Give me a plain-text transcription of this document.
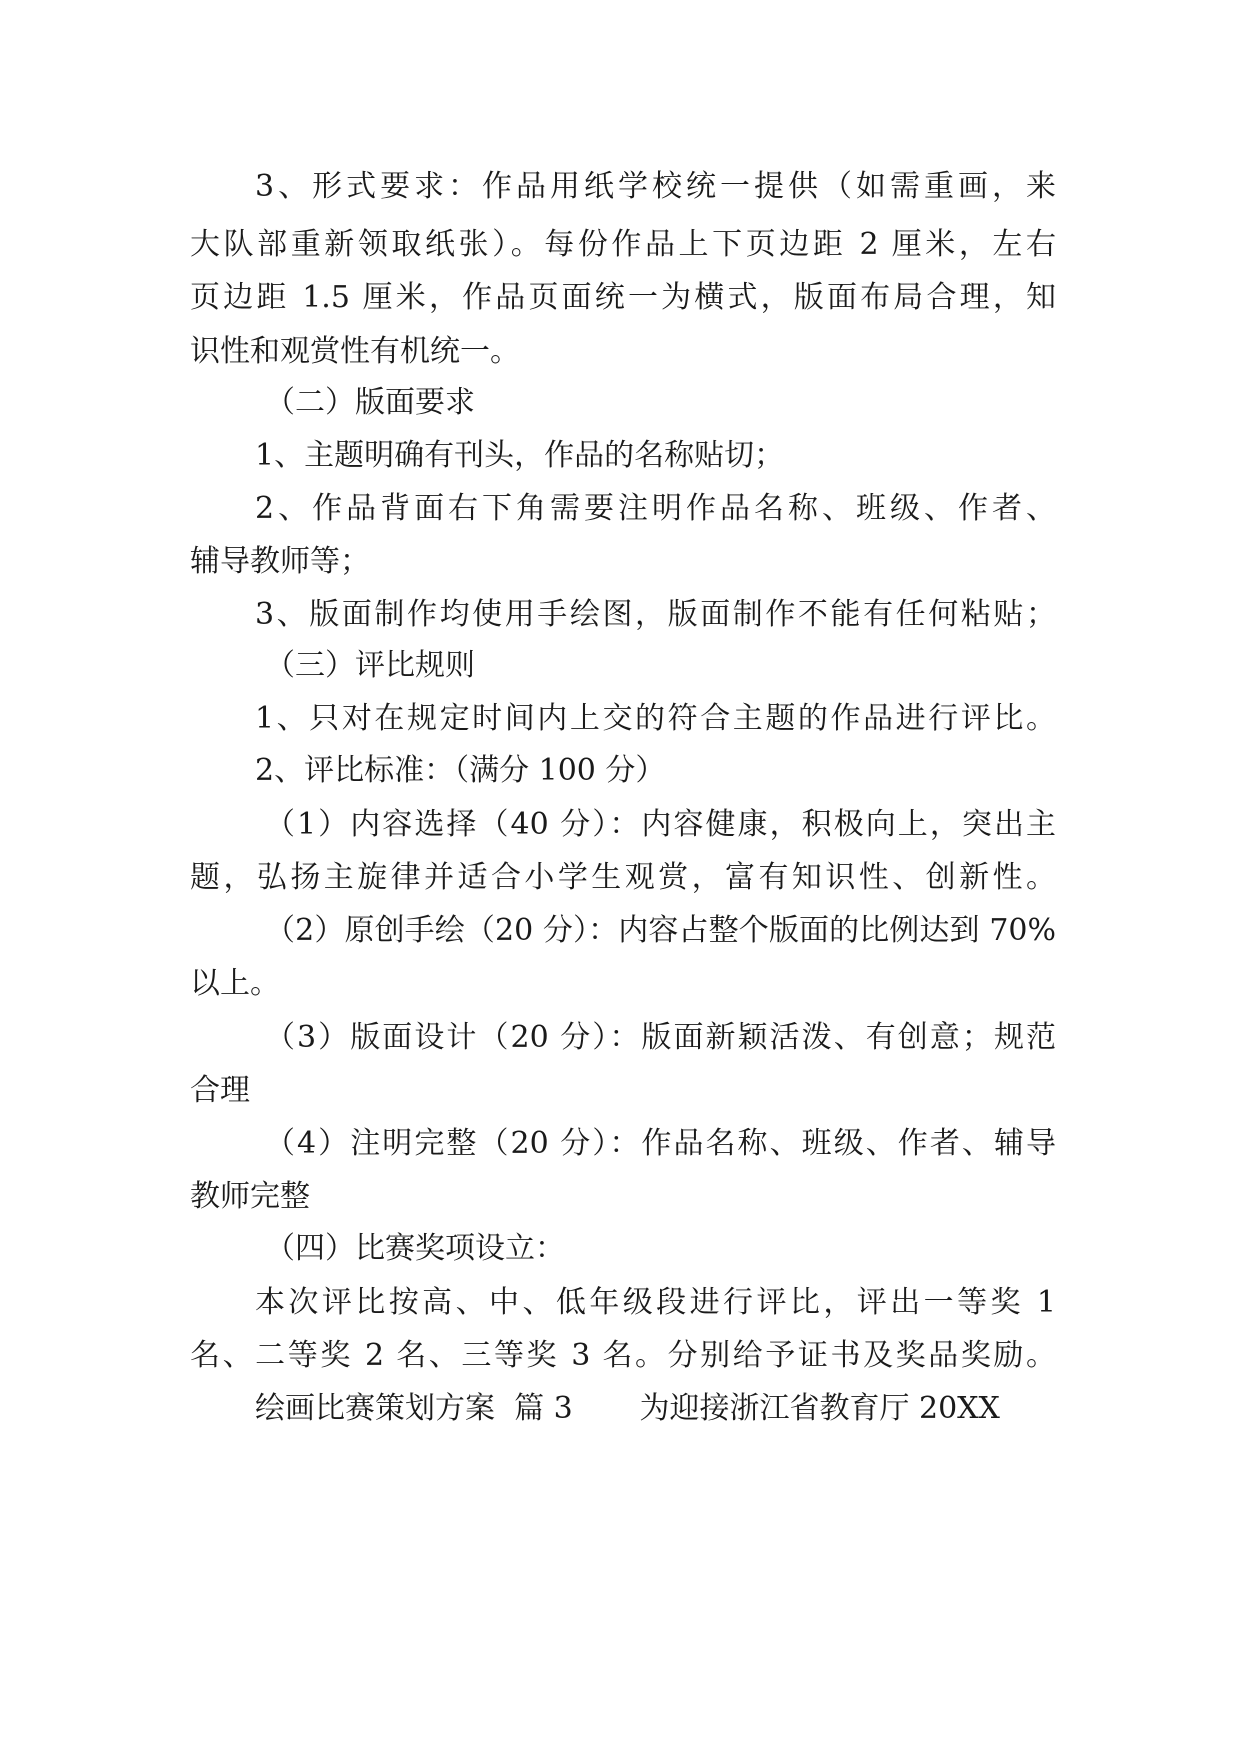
3、形式要求：作品用纸学校统一提供（如需重画，来
大队部重新领取纸张）。每份作品上下页边距 2 厘米，左右
页边距 1.5 厘米，作品页面统一为横式，版面布局合理，知
识性和观赏性有机统一。
（二）版面要求
1、主题明确有刊头，作品的名称贴切；
2、作品背面右下角需要注明作品名称、班级、作者、
辅导教师等；
3、版面制作均使用手绘图，版面制作不能有任何粘贴；
（三）评比规则
1、只对在规定时间内上交的符合主题的作品进行评比。
2、评比标准：（满分 100 分）
（1）内容选择（40 分）：内容健康，积极向上，突出主
题，弘扬主旋律并适合小学生观赏，富有知识性、创新性。
（2）原创手绘（20 分）：内容占整个版面的比例达到 70%
以上。
（3）版面设计（20 分）：版面新颖活泼、有创意；规范
合理
（4）注明完整（20 分）：作品名称、班级、作者、辅导
教师完整
（四）比赛奖项设立：
本次评比按高、中、低年级段进行评比，评出一等奖 1
名、二等奖 2 名、三等奖 3 名。分别给予证书及奖品奖励。
绘画比赛策划方案  篇 3       为迎接浙江省教育厅 20XX
